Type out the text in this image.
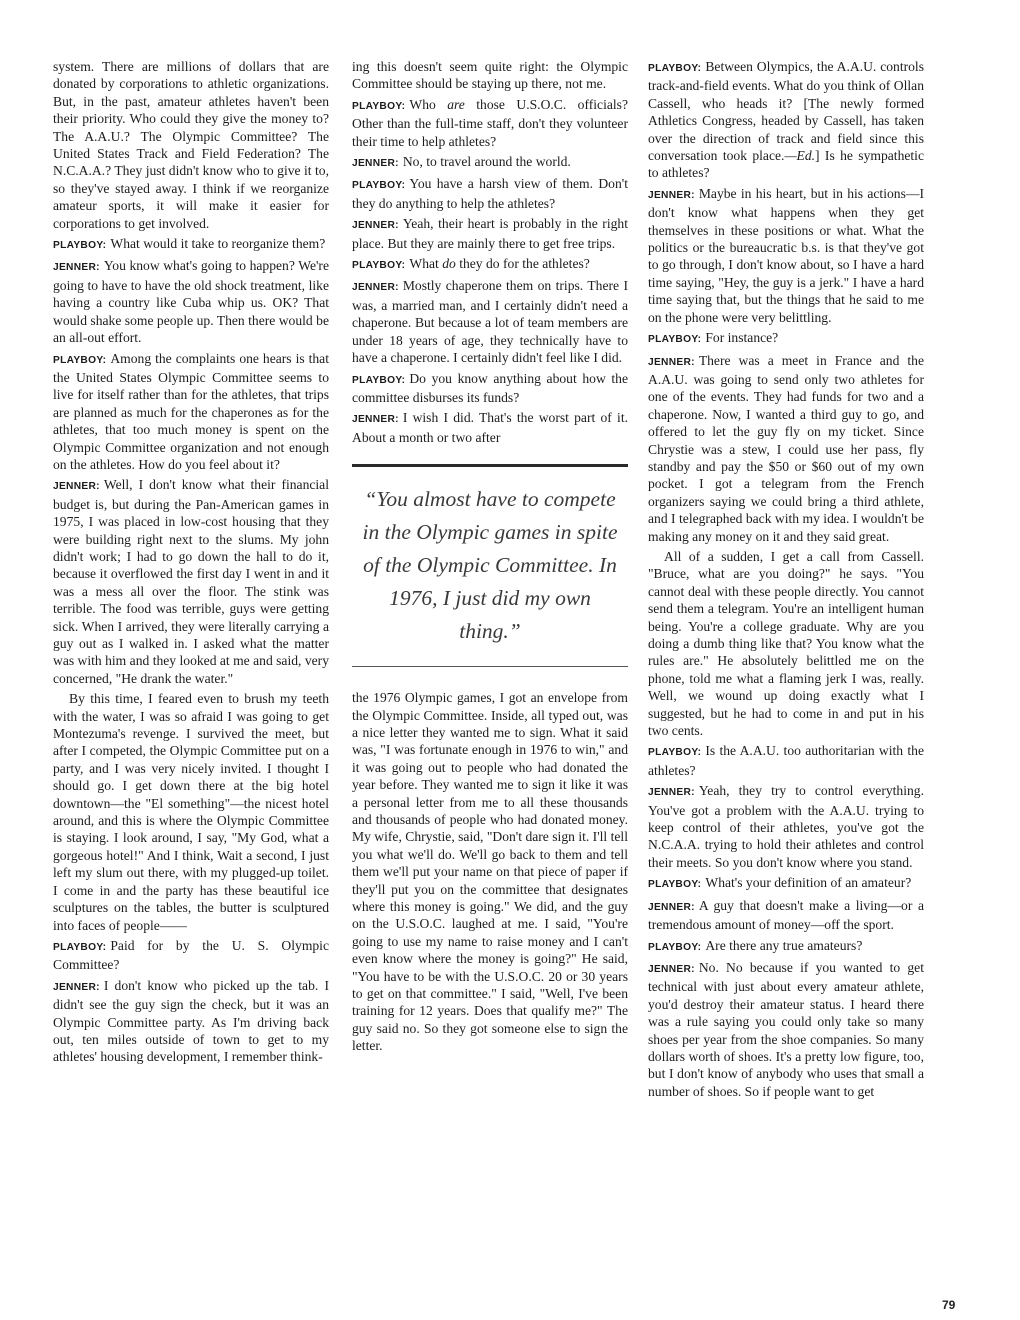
system. There are millions of dollars that are donated by corporations to athletic organizations. But, in the past, amateur athletes haven't been their priority. Who could they give the money to? The A.A.U.? The Olympic Committee? The United States Track and Field Federation? The N.C.A.A.? They just didn't know who to give it to, so they've stayed away. I think if we reorganize amateur sports, it will make it easier for corporations to get involved.

PLAYBOY: What would it take to reorganize them?

JENNER: You know what's going to happen? We're going to have to have the old shock treatment, like having a country like Cuba whip us. OK? That would shake some people up. Then there would be an all-out effort.

PLAYBOY: Among the complaints one hears is that the United States Olympic Committee seems to live for itself rather than for the athletes, that trips are planned as much for the chaperones as for the athletes, that too much money is spent on the Olympic Committee organization and not enough on the athletes. How do you feel about it?

JENNER: Well, I don't know what their financial budget is, but during the Pan-American games in 1975, I was placed in low-cost housing that they were building right next to the slums. My john didn't work; I had to go down the hall to do it, because it overflowed the first day I went in and it was a mess all over the floor. The stink was terrible. The food was terrible, guys were getting sick. When I arrived, they were literally carrying a guy out as I walked in. I asked what the matter was with him and they looked at me and said, very concerned, "He drank the water."

By this time, I feared even to brush my teeth with the water, I was so afraid I was going to get Montezuma's revenge. I survived the meet, but after I competed, the Olympic Committee put on a party, and I was very nicely invited. I thought I should go. I get down there at the big hotel downtown—the "El something"—the nicest hotel around, and this is where the Olympic Committee is staying. I look around, I say, "My God, what a gorgeous hotel!" And I think, Wait a second, I just left my slum out there, with my plugged-up toilet. I come in and the party has these beautiful ice sculptures on the tables, the butter is sculptured into faces of people——

PLAYBOY: Paid for by the U. S. Olympic Committee?

JENNER: I don't know who picked up the tab. I didn't see the guy sign the check, but it was an Olympic Committee party. As I'm driving back out, ten miles outside of town to get to my athletes' housing development, I remember think-

ing this doesn't seem quite right: the Olympic Committee should be staying up there, not me.

PLAYBOY: Who are those U.S.O.C. officials? Other than the full-time staff, don't they volunteer their time to help athletes?

JENNER: No, to travel around the world.

PLAYBOY: You have a harsh view of them. Don't they do anything to help the athletes?

JENNER: Yeah, their heart is probably in the right place. But they are mainly there to get free trips.

PLAYBOY: What do they do for the athletes?

JENNER: Mostly chaperone them on trips. There I was, a married man, and I certainly didn't need a chaperone. But because a lot of team members are under 18 years of age, they technically have to have a chaperone. I certainly didn't feel like I did.

PLAYBOY: Do you know anything about how the committee disburses its funds?

JENNER: I wish I did. That's the worst part of it. About a month or two after

“You almost have to compete in the Olympic games in spite of the Olympic Committee. In 1976, I just did my own thing.”

the 1976 Olympic games, I got an envelope from the Olympic Committee. Inside, all typed out, was a nice letter they wanted me to sign. What it said was, "I was fortunate enough in 1976 to win," and it was going out to people who had donated the year before. They wanted me to sign it like it was a personal letter from me to all these thousands and thousands of people who had donated money. My wife, Chrystie, said, "Don't dare sign it. I'll tell you what we'll do. We'll go back to them and tell them we'll put your name on that piece of paper if they'll put you on the committee that designates where this money is going." We did, and the guy on the U.S.O.C. laughed at me. I said, "You're going to use my name to raise money and I can't even know where the money is going?" He said, "You have to be with the U.S.O.C. 20 or 30 years to get on that committee." I said, "Well, I've been training for 12 years. Does that qualify me?" The guy said no. So they got someone else to sign the letter.

PLAYBOY: Between Olympics, the A.A.U. controls track-and-field events. What do you think of Ollan Cassell, who heads it? [The newly formed Athletics Congress, headed by Cassell, has taken over the direction of track and field since this conversation took place.—Ed.] Is he sympathetic to athletes?

JENNER: Maybe in his heart, but in his actions—I don't know what happens when they get themselves in these positions or what. What the politics or the bureaucratic b.s. is that they've got to go through, I don't know about, so I have a hard time saying, "Hey, the guy is a jerk." I have a hard time saying that, but the things that he said to me on the phone were very belittling.

PLAYBOY: For instance?

JENNER: There was a meet in France and the A.A.U. was going to send only two athletes for one of the events. They had funds for two and a chaperone. Now, I wanted a third guy to go, and offered to let the guy fly on my ticket. Since Chrystie was a stew, I could use her pass, fly standby and pay the $50 or $60 out of my own pocket. I got a telegram from the French organizers saying we could bring a third athlete, and I telegraphed back with my idea. I wouldn't be making any money on it and they said great.

All of a sudden, I get a call from Cassell. "Bruce, what are you doing?" he says. "You cannot deal with these people directly. You cannot send them a telegram. You're an intelligent human being. You're a college graduate. Why are you doing a dumb thing like that? You know what the rules are." He absolutely belittled me on the phone, told me what a flaming jerk I was, really. Well, we wound up doing exactly what I suggested, but he had to come in and put in his two cents.

PLAYBOY: Is the A.A.U. too authoritarian with the athletes?

JENNER: Yeah, they try to control everything. You've got a problem with the A.A.U. trying to keep control of their athletes, you've got the N.C.A.A. trying to hold their athletes and control their meets. So you don't know where you stand.

PLAYBOY: What's your definition of an amateur?

JENNER: A guy that doesn't make a living—or a tremendous amount of money—off the sport.

PLAYBOY: Are there any true amateurs?

JENNER: No. No because if you wanted to get technical with just about every amateur athlete, you'd destroy their amateur status. I heard there was a rule saying you could only take so many shoes per year from the shoe companies. So many dollars worth of shoes. It's a pretty low figure, too, but I don't know of anybody who uses that small a number of shoes. So if people want to get

79
